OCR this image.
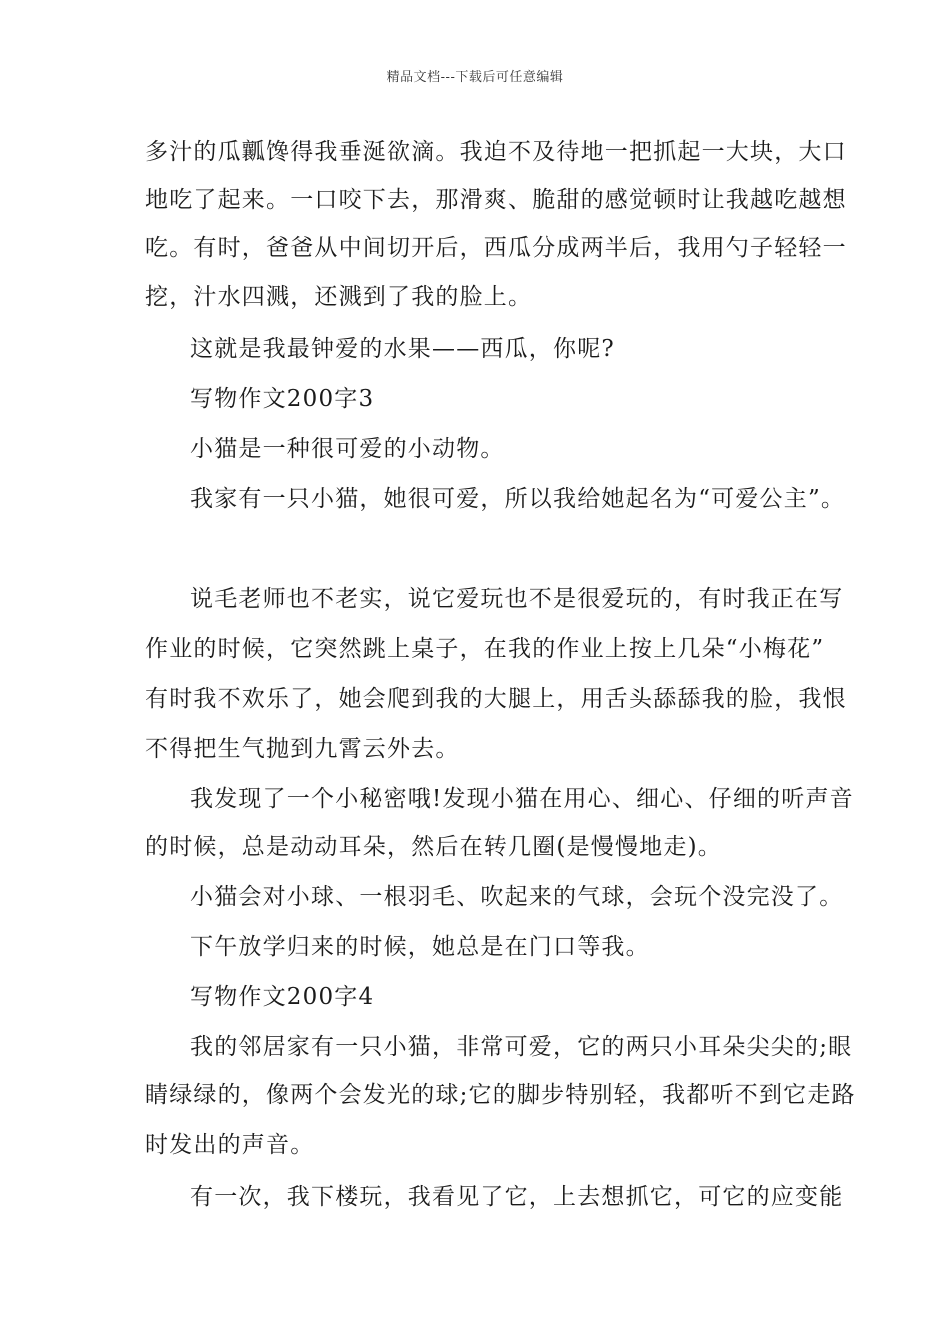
精品文档---下载后可任意编辑
多汁的瓜瓤馋得我垂涎欲滴。我迫不及待地一把抓起一大块，大口
地吃了起来。一口咬下去，那滑爽、脆甜的感觉顿时让我越吃越想
吃。有时，爸爸从中间切开后，西瓜分成两半后，我用勺子轻轻一
挖，汁水四溅，还溅到了我的脸上。
这就是我最钟爱的水果——西瓜，你呢?
写物作文200字3
小猫是一种很可爱的小动物。
我家有一只小猫，她很可爱，所以我给她起名为“可爱公主”。
说毛老师也不老实，说它爱玩也不是很爱玩的，有时我正在写
作业的时候，它突然跳上桌子，在我的作业上按上几朵“小梅花”
有时我不欢乐了，她会爬到我的大腿上，用舌头舔舔我的脸，我恨
不得把生气抛到九霄云外去。
我发现了一个小秘密哦!发现小猫在用心、细心、仔细的听声音
的时候，总是动动耳朵，然后在转几圈(是慢慢地走)。
小猫会对小球、一根羽毛、吹起来的气球，会玩个没完没了。
下午放学归来的时候，她总是在门口等我。
写物作文200字4
我的邻居家有一只小猫，非常可爱，它的两只小耳朵尖尖的;眼
睛绿绿的，像两个会发光的球;它的脚步特别轻，我都听不到它走路
时发出的声音。
有一次，我下楼玩，我看见了它，上去想抓它，可它的应变能
